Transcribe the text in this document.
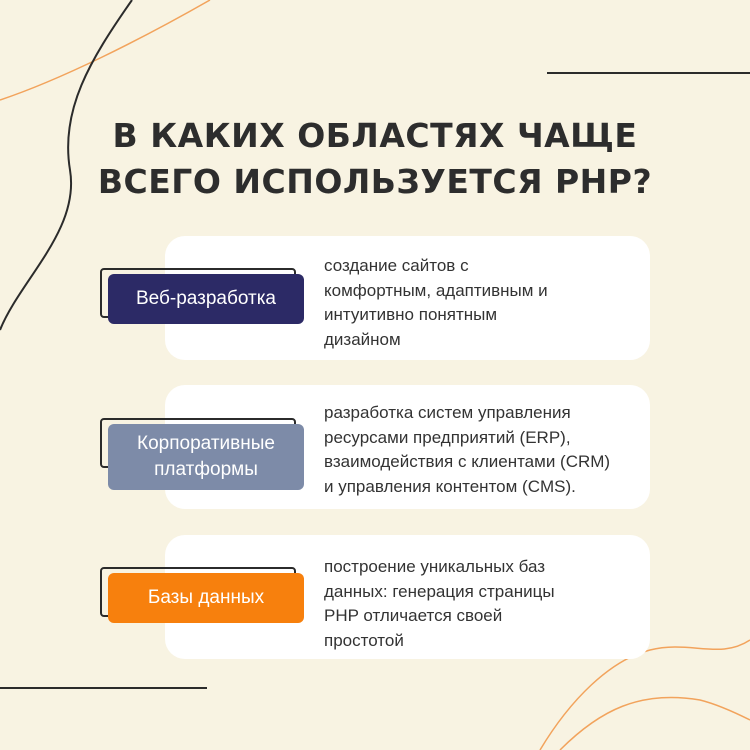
В КАКИХ ОБЛАСТЯХ ЧАЩЕ
ВСЕГО ИСПОЛЬЗУЕТСЯ PHP?
Веб-разработка
создание сайтов с
комфортным, адаптивным и
интуитивно понятным
дизайном
Корпоративные
платформы
разработка систем управления
ресурсами предприятий (ERP),
взаимодействия с клиентами (CRM)
и управления контентом (CMS).
Базы данных
построение уникальных баз
данных: генерация страницы
PHP отличается своей
простотой
